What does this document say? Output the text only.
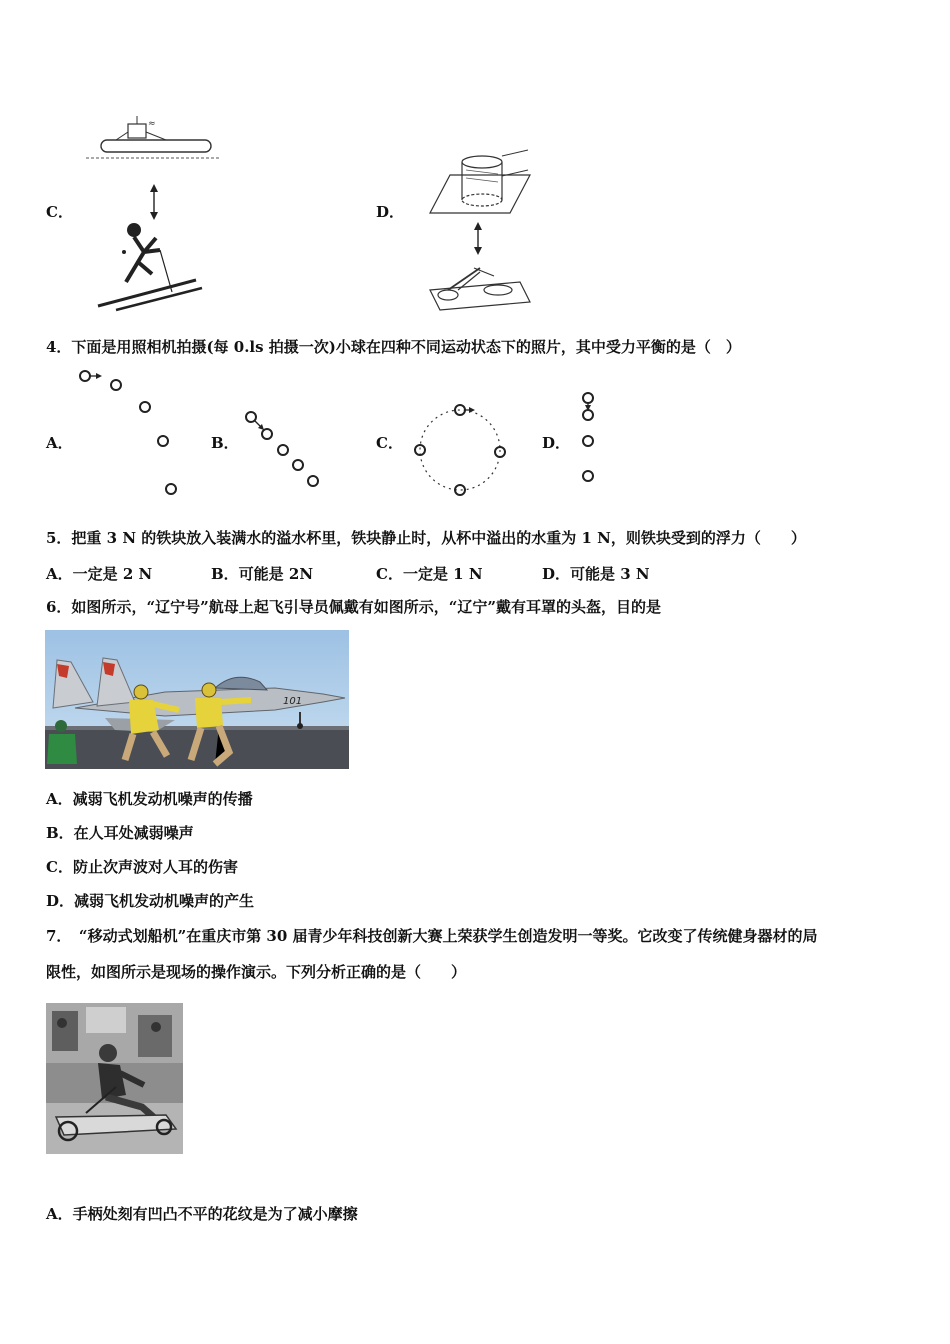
C．
≈
D．
4．下面是用照相机拍摄(每 0.ls 拍摄一次)小球在四种不同运动状态下的照片，其中受力平衡的是（　）
A．	B．	C．	D．
5．把重 3 N 的铁块放入装满水的溢水杯里，铁块静止时，从杯中溢出的水重为 1 N，则铁块受到的浮力（　　）
A．一定是 2 N	B．可能是 2N	C．一定是 1 N	D．可能是 3 N
6．如图所示，“辽宁号”航母上起飞引导员佩戴有如图所示，“辽宁”戴有耳罩的头盔，目的是
101
A．减弱飞机发动机噪声的传播
B．在人耳处减弱噪声
C．防止次声波对人耳的伤害
D．减弱飞机发动机噪声的产生
7．　“移动式划船机”在重庆市第 30 届青少年科技创新大赛上荣获学生创造发明一等奖。它改变了传统健身器材的局
限性，如图所示是现场的操作演示。下列分析正确的是（　　）
A．手柄处刻有凹凸不平的花纹是为了减小摩擦
